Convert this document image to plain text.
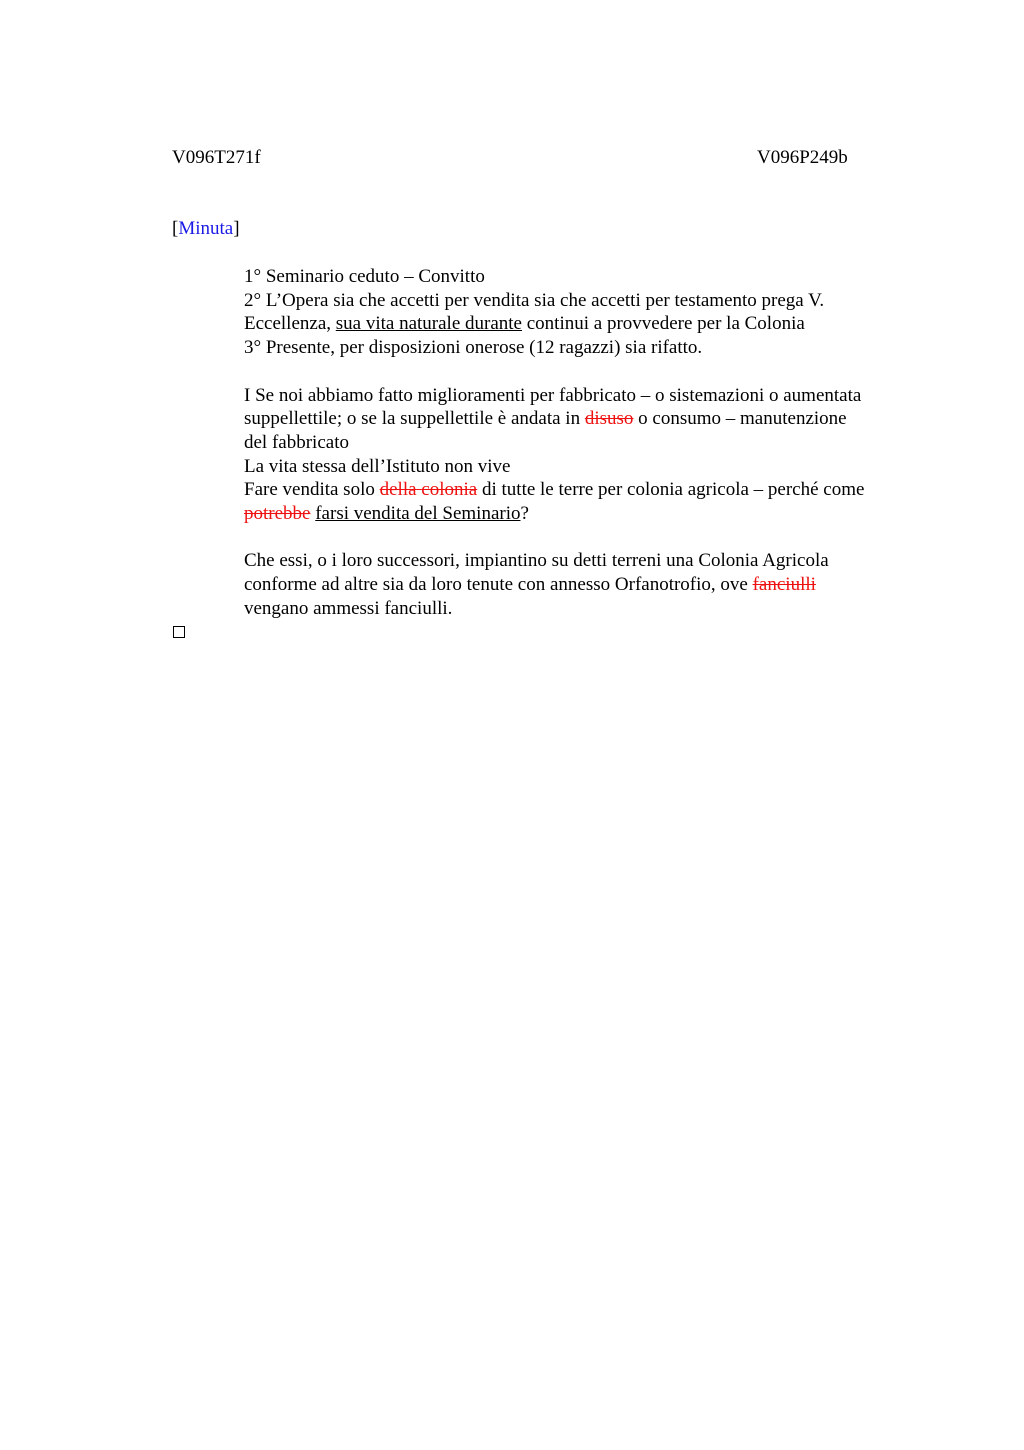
V096T271f	V096P249b
[Minuta]
1° Seminario ceduto – Convitto
2° L’Opera sia che accetti per vendita sia che accetti per testamento prega V.
Eccellenza, sua vita naturale durante continui a provvedere per la Colonia
3° Presente, per disposizioni onerose (12 ragazzi) sia rifatto.
I Se noi abbiamo fatto miglioramenti per fabbricato – o sistemazioni o aumentata
suppellettile; o se la suppellettile è andata in disuso o consumo – manutenzione
del fabbricato
La vita stessa dell’Istituto non vive
Fare vendita solo della colonia di tutte le terre per colonia agricola – perché come
potrebbe farsi vendita del Seminario?
Che essi, o i loro successori, impiantino su detti terreni una Colonia Agricola
conforme ad altre sia da loro tenute con annesso Orfanotrofio, ove fanciulli
vengano ammessi fanciulli.
